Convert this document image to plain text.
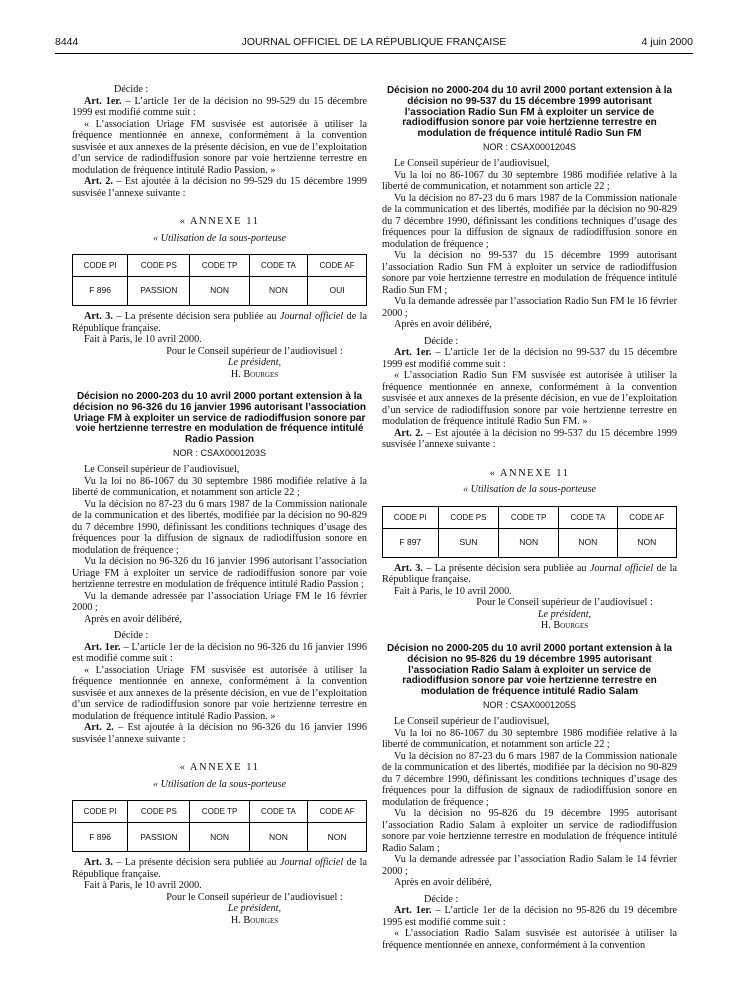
8444	JOURNAL OFFICIEL DE LA RÉPUBLIQUE FRANÇAISE	4 juin 2000

Décide :

Art. 1er. – L’article 1er de la décision no 99-529 du 15 décembre 1999 est modifié comme suit :

« L’association Uriage FM susvisée est autorisée à utiliser la fréquence mentionnée en annexe, conformément à la convention susvisée et aux annexes de la présente décision, en vue de l’exploitation d’un service de radiodiffusion sonore par voie hertzienne terrestre en modulation de fréquence intitulé Radio Passion. »

Art. 2. – Est ajoutée à la décision no 99-529 du 15 décembre 1999 susvisée l’annexe suivante :

« ANNEXE 11

« Utilisation de la sous-porteuse

CODE PI	CODE PS	CODE TP	CODE TA	CODE AF
F 896	PASSION	NON	NON	OUI

Art. 3. – La présente décision sera publiée au Journal officiel de la République française.

Fait à Paris, le 10 avril 2000.

Pour le Conseil supérieur de l’audiovisuel :

Le président,

H. Bourges

Décision no 2000-203 du 10 avril 2000 portant extension à la décision no 96-326 du 16 janvier 1996 autorisant l’association Uriage FM à exploiter un service de radiodiffusion sonore par voie hertzienne terrestre en modulation de fréquence intitulé Radio Passion

NOR : CSAX0001203S

Le Conseil supérieur de l’audiovisuel,

Vu la loi no 86-1067 du 30 septembre 1986 modifiée relative à la liberté de communication, et notamment son article 22 ;

Vu la décision no 87-23 du 6 mars 1987 de la Commission nationale de la communication et des libertés, modifiée par la décision no 90-829 du 7 décembre 1990, définissant les conditions techniques d’usage des fréquences pour la diffusion de signaux de radiodiffusion sonore en modulation de fréquence ;

Vu la décision no 96-326 du 16 janvier 1996 autorisant l’association Uriage FM à exploiter un service de radiodiffusion sonore par voie hertzienne terrestre en modulation de fréquence intitulé Radio Passion ;

Vu la demande adressée par l’association Uriage FM le 16 février 2000 ;

Après en avoir délibéré,

Décide :

Art. 1er. – L’article 1er de la décision no 96-326 du 16 janvier 1996 est modifié comme suit :

« L’association Uriage FM susvisée est autorisée à utiliser la fréquence mentionnée en annexe, conformément à la convention susvisée et aux annexes de la présente décision, en vue de l’exploitation d’un service de radiodiffusion sonore par voie hertzienne terrestre en modulation de fréquence intitulé Radio Passion. »

Art. 2. – Est ajoutée à la décision no 96-326 du 16 janvier 1996 susvisée l’annexe suivante :

« ANNEXE 11

« Utilisation de la sous-porteuse

CODE PI	CODE PS	CODE TP	CODE TA	CODE AF
F 896	PASSION	NON	NON	NON

Art. 3. – La présente décision sera publiée au Journal officiel de la République française.

Fait à Paris, le 10 avril 2000.

Pour le Conseil supérieur de l’audiovisuel :

Le président,

H. Bourges

Décision no 2000-204 du 10 avril 2000 portant extension à la décision no 99-537 du 15 décembre 1999 autorisant l’association Radio Sun FM à exploiter un service de radiodiffusion sonore par voie hertzienne terrestre en modulation de fréquence intitulé Radio Sun FM

NOR : CSAX0001204S

Le Conseil supérieur de l’audiovisuel,

Vu la loi no 86-1067 du 30 septembre 1986 modifiée relative à la liberté de communication, et notamment son article 22 ;

Vu la décision no 87-23 du 6 mars 1987 de la Commission nationale de la communication et des libertés, modifiée par la décision no 90-829 du 7 décembre 1990, définissant les conditions techniques d’usage des fréquences pour la diffusion de signaux de radiodiffusion sonore en modulation de fréquence ;

Vu la décision no 99-537 du 15 décembre 1999 autorisant l’association Radio Sun FM à exploiter un service de radiodiffusion sonore par voie hertzienne terrestre en modulation de fréquence intitulé Radio Sun FM ;

Vu la demande adressée par l’association Radio Sun FM le 16 février 2000 ;

Après en avoir délibéré,

Décide :

Art. 1er. – L’article 1er de la décision no 99-537 du 15 décembre 1999 est modifié comme suit :

« L’association Radio Sun FM susvisée est autorisée à utiliser la fréquence mentionnée en annexe, conformément à la convention susvisée et aux annexes de la présente décision, en vue de l’exploitation d’un service de radiodiffusion sonore par voie hertzienne terrestre en modulation de fréquence intitulé Radio Sun FM. »

Art. 2. – Est ajoutée à la décision no 99-537 du 15 décembre 1999 susvisée l’annexe suivante :

« ANNEXE 11

« Utilisation de la sous-porteuse

CODE PI	CODE PS	CODE TP	CODE TA	CODE AF
F 897	SUN	NON	NON	NON

Art. 3. – La présente décision sera publiée au Journal officiel de la République française.

Fait à Paris, le 10 avril 2000.

Pour le Conseil supérieur de l’audiovisuel :

Le président,

H. Bourges

Décision no 2000-205 du 10 avril 2000 portant extension à la décision no 95-826 du 19 décembre 1995 autorisant l’association Radio Salam à exploiter un service de radiodiffusion sonore par voie hertzienne terrestre en modulation de fréquence intitulé Radio Salam

NOR : CSAX0001205S

Le Conseil supérieur de l’audiovisuel,

Vu la loi no 86-1067 du 30 septembre 1986 modifiée relative à la liberté de communication, et notamment son article 22 ;

Vu la décision no 87-23 du 6 mars 1987 de la Commission nationale de la communication et des libertés, modifiée par la décision no 90-829 du 7 décembre 1990, définissant les conditions techniques d’usage des fréquences pour la diffusion de signaux de radiodiffusion sonore en modulation de fréquence ;

Vu la décision no 95-826 du 19 décembre 1995 autorisant l’association Radio Salam à exploiter un service de radiodiffusion sonore par voie hertzienne terrestre en modulation de fréquence intitulé Radio Salam ;

Vu la demande adressée par l’association Radio Salam le 14 février 2000 ;

Après en avoir délibéré,

Décide :

Art. 1er. – L’article 1er de la décision no 95-826 du 19 décembre 1995 est modifié comme suit :

« L’association Radio Salam susvisée est autorisée à utiliser la fréquence mentionnée en annexe, conformément à la convention
